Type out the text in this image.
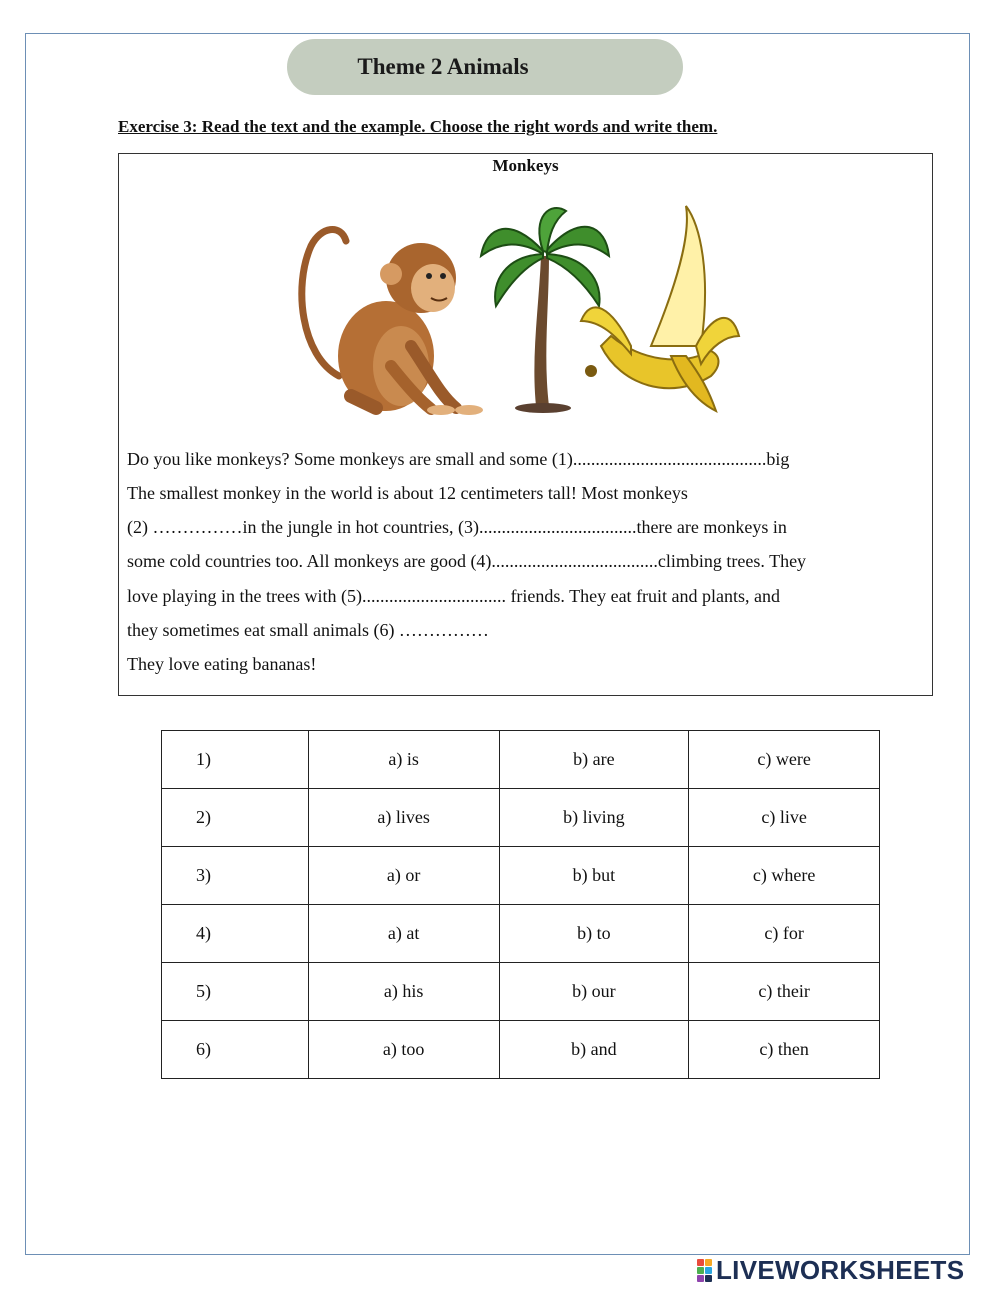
Theme 2 Animals
Exercise 3: Read the text and the example. Choose the right words and write them.
Monkeys
Do you like monkeys? Some monkeys are small and some (1)...........................................big
The smallest monkey in the world is about 12 centimeters tall! Most monkeys
(2) ……………in the jungle in hot countries, (3)...................................there are monkeys in
some cold countries too. All monkeys are good (4).....................................climbing trees. They
love playing in the trees with (5)................................ friends. They eat fruit and plants, and
they sometimes eat small animals (6) ……………
They love eating bananas!
1)	a) is	b) are	c) were
2)	a) lives	b) living	c) live
3)	a) or	b) but	c) where
4)	a) at	b) to	c) for
5)	a) his	b) our	c) their
6)	a) too	b) and	c) then
LIVEWORKSHEETS
